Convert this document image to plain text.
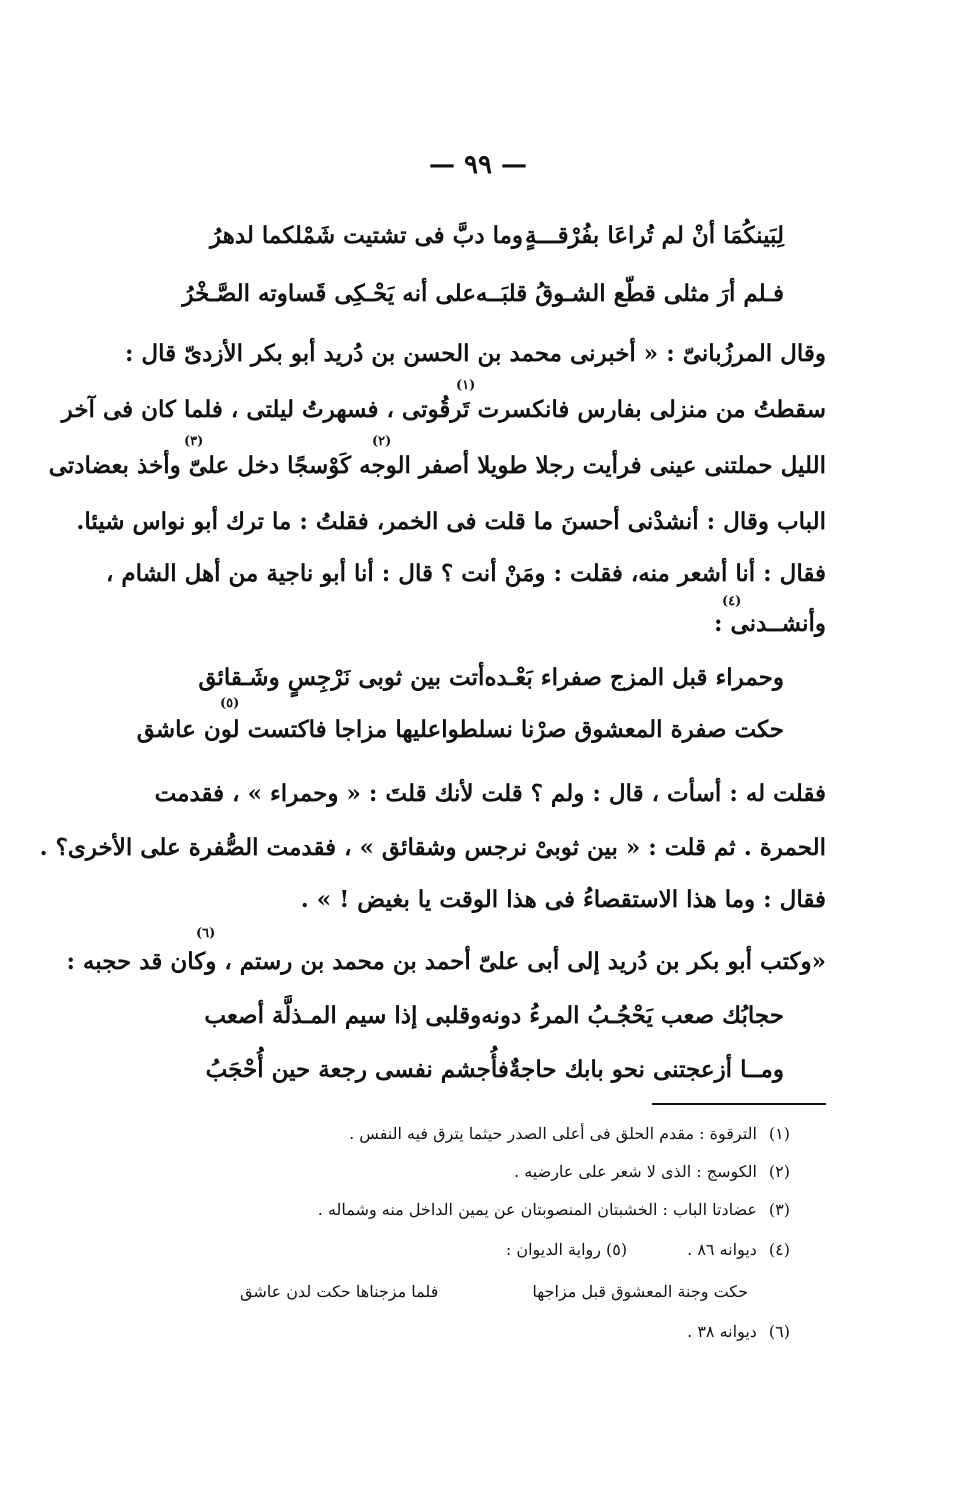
— ٩٩ —
لِبَينكُمَا أنْ لم تُراعَا بفُرْقـــةٍ
وما دبَّ فى تشتيت شَمْلكما لدهرُ
فـلم أرَ مثلى قطّع الشـوقُ قلبَــه
على أنه يَحْـكِى قَساوته الصَّـخْرُ
وقال المرزُبانىّ : « أخبرنى محمد بن الحسن بن دُريد أبو بكر الأزدىّ قال :
(١)
سقطتُ من منزلى بفارس فانكسرت تَرقُوتى ، فسهرتُ ليلتى ، فلما كان فى آخر
(٢)
(٣)
الليل حملتنى عينى فرأيت رجلا طويلا أصفر الوجه كَوْسجًا دخل علىّ وأخذ بعضادتى
الباب وقال : أنشدْنى أحسنَ ما قلت فى الخمر، فقلتُ : ما ترك أبو نواس شيئا.
فقال : أنا أشعر منه، فقلت : ومَنْ أنت ؟ قال : أنا أبو ناجية من أهل الشام ،
(٤)
وأنشــدنى :
وحمراء قبل المزج صفراء بَعْـده
أتت بين ثوبى نَرْجِسٍ وشَـقائق
(٥)
حكت صفرة المعشوق صرْنا نسلطوا
عليها مزاجا فاكتست لون عاشق
فقلت له : أسأت ، قال : ولم ؟ قلت لأنك قلتَ : « وحمراء » ، فقدمت
الحمرة . ثم قلت : « بين ثوبىْ نرجس وشقائق » ، فقدمت الصُّفرة على الأخرى؟ .
فقال : وما هذا الاستقصاءُ فى هذا الوقت يا بغيض ! » .
(٦)
«وكتب أبو بكر بن دُريد إلى أبى علىّ أحمد بن محمد بن رستم ، وكان قد حجبه :
حجابُك صعب يَحْجُـبُ المرءُ دونه
وقلبى إذا سيم المـذلَّة أصعب
ومــا أزعجتنى نحو بابك حاجةٌ
فأُجشم نفسى رجعة حين أُحْجَبُ
(١)الترقوة : مقدم الحلق فى أعلى الصدر حيثما يترق فيه النفس .
(٢)الكوسج : الذى لا شعر على عارضيه .
(٣)عضادتا الباب : الخشبتان المنصوبتان عن يمين الداخل منه وشماله .
(٤)ديوانه ٨٦ .(٥) رواية الديوان :
حكت وجنة المعشوق قبل مزاجها
فلما مزجناها حكت لدن عاشق
(٦)ديوانه ٣٨ .
